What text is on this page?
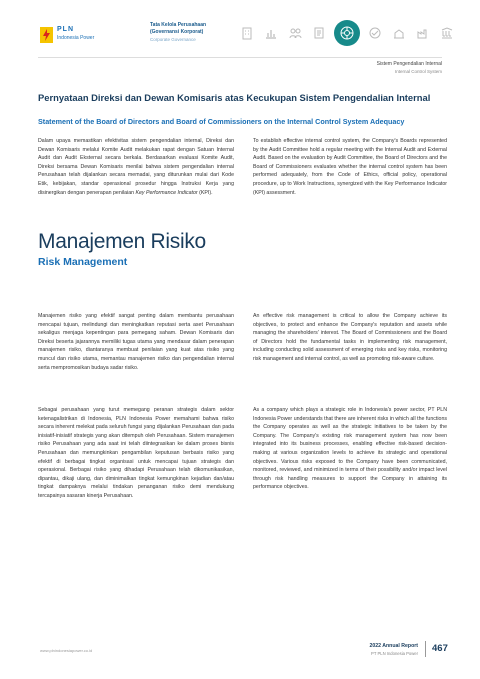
PLN
Indonesia Power
Tata Kelola Perusahaan
(Governansi Korporat)
Corporate Governance
Sistem Pengendalian Internal
Internal Control System
Pernyataan Direksi dan Dewan Komisaris atas Kecukupan Sistem Pengendalian Internal
Statement of the Board of Directors and Board of Commissioners on the Internal Control System Adequacy

Dalam upaya memastikan efektivitas sistem pengendalian internal, Direksi dan Dewan Komisaris melalui Komite Audit melakukan rapat dengan Satuan Internal Audit dan Audit Eksternal secara berkala. Berdasarkan evaluasi Komite Audit, Direksi bersama Dewan Komisaris menilai bahwa sistem pengendalian internal Perusahaan telah dijalankan secara memadai, yang diturunkan mulai dari Kode Etik, kebijakan, standar operasional prosedur hingga Instruksi Kerja yang disinergikan dengan penerapan penilaian Key Performance Indicator (KPI).

To establish effective internal control system, the Company's Boards represented by the Audit Committee hold a regular meeting with the Internal Audit and External Audit. Based on the evaluation by Audit Committee, the Board of Directors and the Board of Commissioners evaluates whether the internal control system has been performed adequately, from the Code of Ethics, official policy, operational procedure, up to Work Instructions, synergized with the Key Performance Indicator (KPI) assessment.

Manajemen Risiko
Risk Management

Manajemen risiko yang efektif sangat penting dalam membantu perusahaan mencapai tujuan, melindungi dan meningkatkan reputasi serta aset Perusahaan sekaligus menjaga kepentingan para pemegang saham. Dewan Komisaris dan Direksi beserta jajarannya memiliki tugas utama yang mendasar dalam penerapan manajemen risiko, diantaranya membuat penilaian yang kuat atas risiko yang muncul dan risiko utama, memantau manajemen risiko dan pengendalian internal serta mempromosikan budaya sadar risiko.

An effective risk management is critical to allow the Company achieve its objectives, to protect and enhance the Company's reputation and assets while managing the shareholders' interest. The Board of Commissioners and the Board of Directors hold the fundamental tasks in implementing risk management, including conducting solid assessment of emerging risks and key risks, monitoring risk management and internal control, as well as promoting risk-aware culture.

Sebagai perusahaan yang turut memegang peranan strategis dalam sektor ketenagalistrikan di Indonesia, PLN Indonesia Power memahami bahwa risiko secara inherent melekat pada seluruh fungsi yang dijalankan Perusahaan dan pada inisiatif-inisiatif strategis yang akan ditempuh oleh Perusahaan. Sistem manajemen risiko Perusahaan yang ada saat ini telah diintegrasikan ke dalam proses bisnis Perusahaan dan memungkinkan pengambilan keputusan berbasis risiko yang efektif di berbagai tingkat organisasi untuk mencapai tujuan strategis dan operasional. Berbagai risiko yang dihadapi Perusahaan telah dikomunikasikan, dipantau, dikaji ulang, dan diminimalkan tingkat kemungkinan kejadian dan/atau tingkat dampaknya melalui tindakan penanganan risiko demi mendukung tercapainya sasaran kinerja Perusahaan.

As a company which plays a strategic role in Indonesia's power sector, PT PLN Indonesia Power understands that there are inherent risks in which all the functions the Company operates as well as the strategic initiatives to be taken by the Company. The Company's existing risk management system has now been integrated into its business processes, enabling effective risk-based decision-making at various organization levels to achieve its strategic and operational objectives. Various risks exposed to the Company have been communicated, monitored, reviewed, and minimized in terms of their possibility and/or impact level through risk handling measures to support the Company in attaining its performance objectives.

www.plnindonesiapower.co.id
2022 Annual Report
PT PLN Indonesia Power 467
